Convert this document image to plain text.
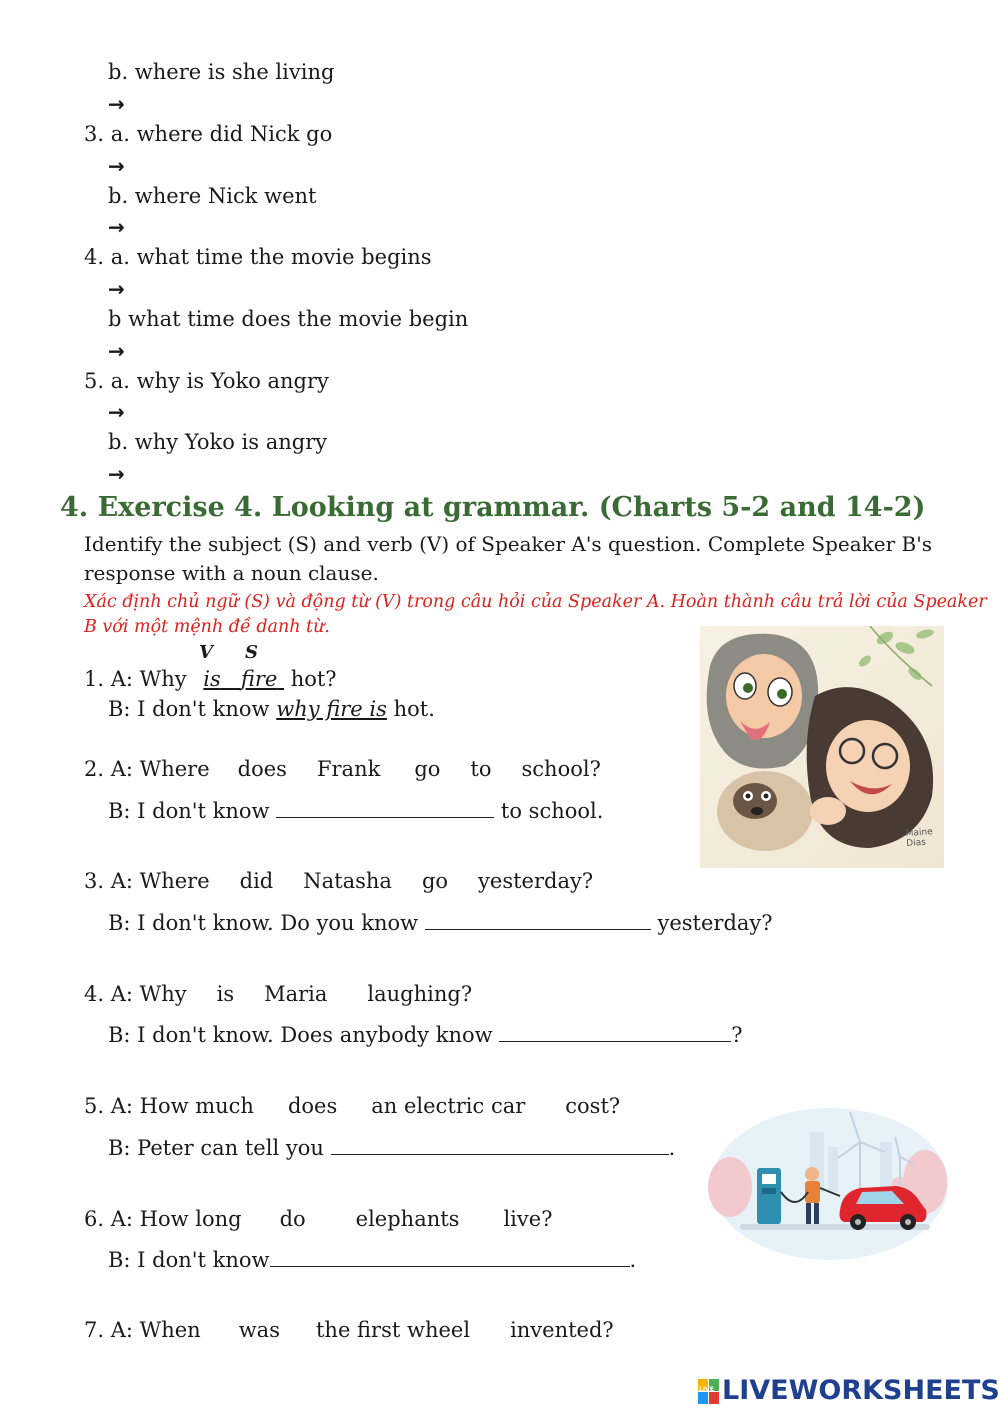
b. where is she living
→
3. a. where did Nick go
→
b. where Nick went
→
4. a. what time the movie begins
→
b what time does the movie begin
→
5. a. why is Yoko angry
→
b. why Yoko is angry
→
4. Exercise 4. Looking at grammar. (Charts 5-2 and 14-2)
Identify the subject (S) and verb (V) of Speaker A's question. Complete Speaker B's
response with a noun clause.
Xác định chủ ngữ (S) và động từ (V) trong câu hỏi của Speaker A. Hoàn thành câu trả lời của Speaker
B với một mệnh đề danh từ.
V S
1. A: Why is fire hot?
B: I don't know why fire is hot.
2. A: Where does Frank go to school?
B: I don't know	to school.
3. A: Where did Natasha go yesterday?
B: I don't know. Do you know	yesterday?
4. A: Why is Maria laughing?
B: I don't know. Does anybody know	?
5. A: How much does an electric car cost?
B: Peter can tell you	.
6. A: How long do elephants live?
B: I don't know	.
7. A: When was the first wheel invented?
Maine Dias
LIVE LIVEWORKSHEETS
